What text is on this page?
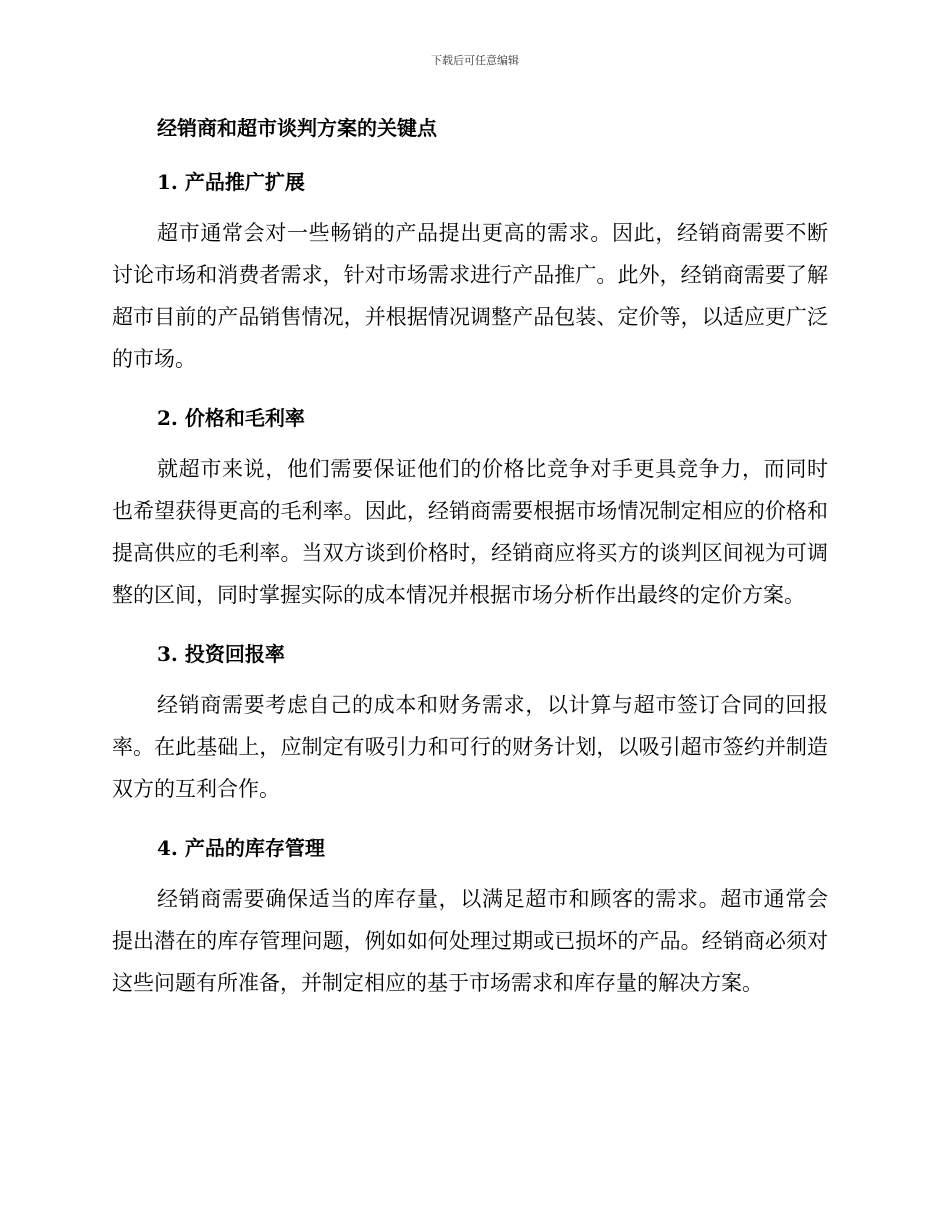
下载后可任意编辑
经销商和超市谈判方案的关键点
1. 产品推广扩展

超市通常会对一些畅销的产品提出更高的需求。因此，经销商需要不断讨论市场和消费者需求，针对市场需求进行产品推广。此外，经销商需要了解超市目前的产品销售情况，并根据情况调整产品包装、定价等，以适应更广泛的市场。

2. 价格和毛利率

就超市来说，他们需要保证他们的价格比竞争对手更具竞争力，而同时也希望获得更高的毛利率。因此，经销商需要根据市场情况制定相应的价格和提高供应的毛利率。当双方谈到价格时，经销商应将买方的谈判区间视为可调整的区间，同时掌握实际的成本情况并根据市场分析作出最终的定价方案。

3. 投资回报率

经销商需要考虑自己的成本和财务需求，以计算与超市签订合同的回报率。在此基础上，应制定有吸引力和可行的财务计划，以吸引超市签约并制造双方的互利合作。

4. 产品的库存管理

经销商需要确保适当的库存量，以满足超市和顾客的需求。超市通常会提出潜在的库存管理问题，例如如何处理过期或已损坏的产品。经销商必须对这些问题有所准备，并制定相应的基于市场需求和库存量的解决方案。
